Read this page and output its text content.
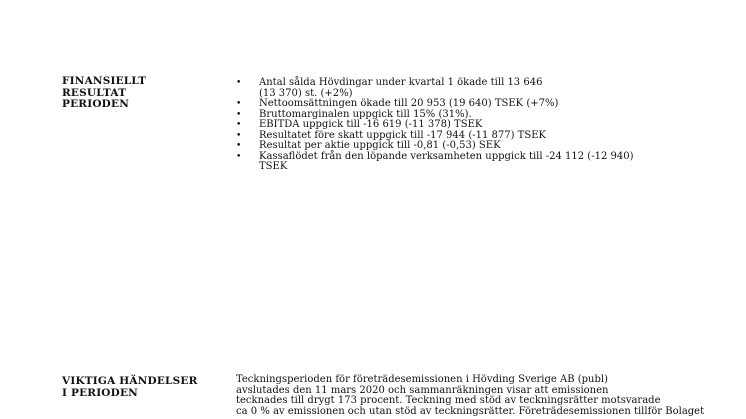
FINANSIELLT
RESULTAT
PERIODEN
• Antal sålda Hövdingar under kvartal 1 ökade till 13 646
(13 370) st. (+2%)
• Nettoomsättningen ökade till 20 953 (19 640) TSEK (+7%)
• Bruttomarginalen uppgick till 15% (31%).
• EBITDA uppgick till -16 619 (-11 378) TSEK
• Resultatet före skatt uppgick till -17 944 (-11 877) TSEK
• Resultat per aktie uppgick till -0,81 (-0,53) SEK
• Kassaflödet från den löpande verksamheten uppgick till -24 112 (-12 940)
TSEK
VIKTIGA HÄNDELSER
I PERIODEN
Teckningsperioden för företrädesemissionen i Hövding Sverige AB (publ)
avslutades den 11 mars 2020 och sammanräkningen visar att emissionen
tecknades till drygt 173 procent. Teckning med stöd av teckningsrätter motsvarade
ca 0 % av emissionen och utan stöd av teckningsrätter. Företrädesemissionen tillför Bolaget
